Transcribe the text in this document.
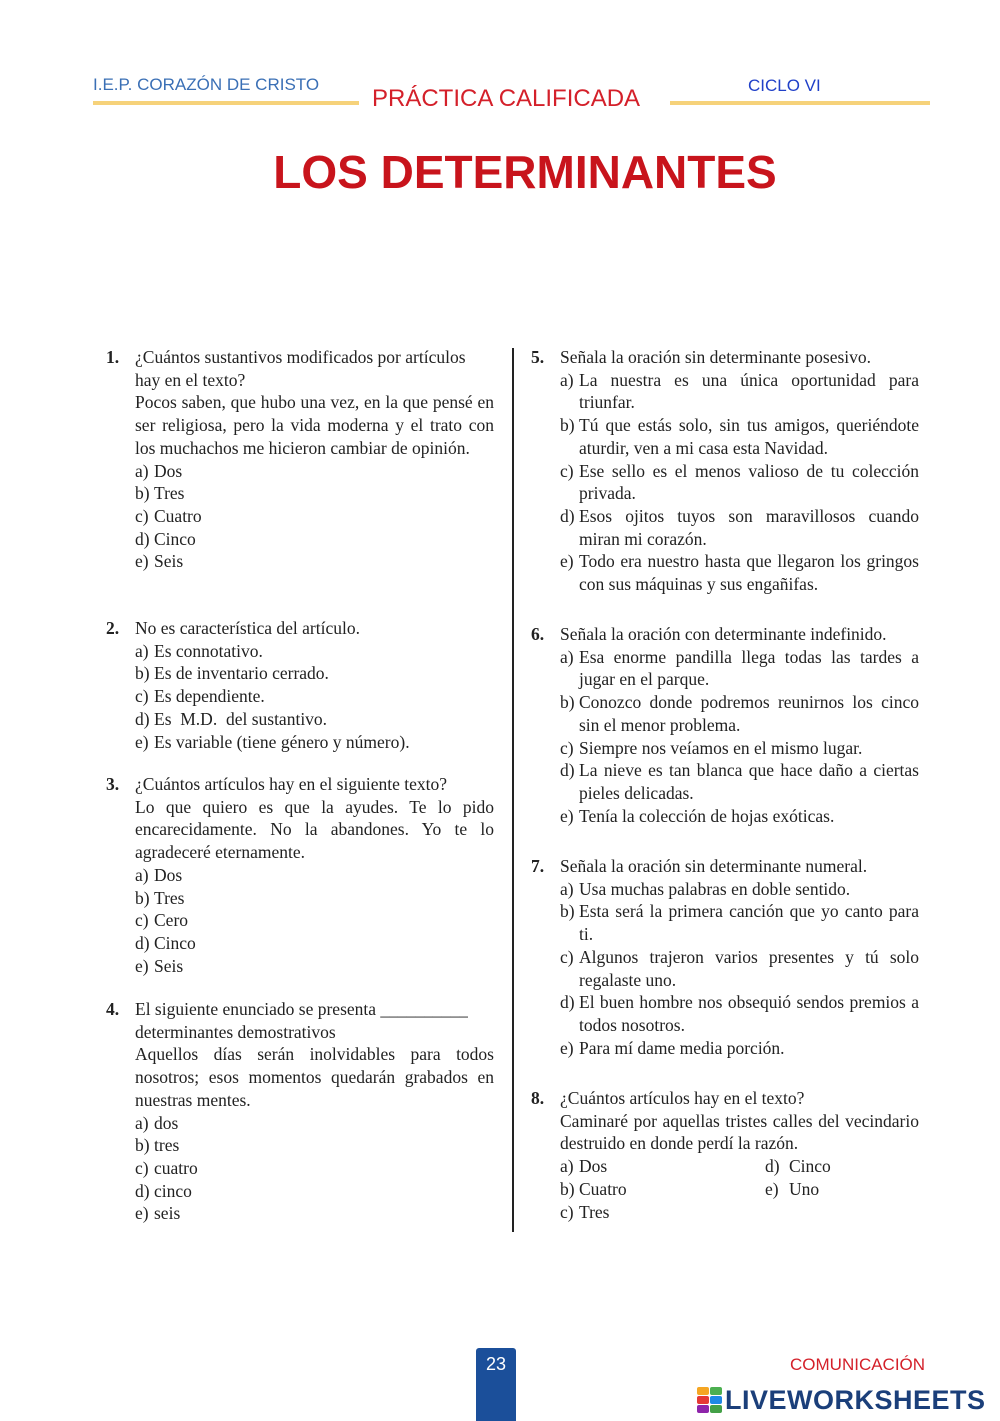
I.E.P. CORAZÓN DE CRISTO
PRÁCTICA CALIFICADA	CICLO VI
LOS DETERMINANTES
1. ¿Cuántos sustantivos modificados por artículos hay en el texto?
Pocos saben, que hubo una vez, en la que pensé en ser religiosa, pero la vida moderna y el trato con los muchachos me hicieron cambiar de opinión.
a) Dos
b) Tres
c) Cuatro
d) Cinco
e) Seis
2. No es característica del artículo.
a) Es connotativo.
b) Es de inventario cerrado.
c) Es dependiente.
d) Es  M.D.  del sustantivo.
e) Es variable (tiene género y número).
3. ¿Cuántos artículos hay en el siguiente texto?
Lo que quiero es que la ayudes. Te lo pido encarecidamente. No la abandones. Yo te lo agradeceré eternamente.
a) Dos
b) Tres
c) Cero
d) Cinco
e) Seis
4. El siguiente enunciado se presenta __________ determinantes demostrativos
Aquellos días serán inolvidables para todos nosotros; esos momentos quedarán grabados en nuestras mentes.
a) dos
b) tres
c) cuatro
d) cinco
e) seis
5. Señala la oración sin determinante posesivo.
a) La nuestra es una única oportunidad para triunfar.
b) Tú que estás solo, sin tus amigos, queriéndote aturdir, ven a mi casa esta Navidad.
c) Ese sello es el menos valioso de tu colección privada.
d) Esos ojitos tuyos son maravillosos cuando miran mi corazón.
e) Todo era nuestro hasta que llegaron los gringos con sus máquinas y sus engañifas.
6. Señala la oración con determinante indefinido.
a) Esa enorme pandilla llega todas las tardes a jugar en el parque.
b) Conozco donde podremos reunirnos los cinco sin el menor problema.
c) Siempre nos veíamos en el mismo lugar.
d) La nieve es tan blanca que hace daño a ciertas pieles delicadas.
e) Tenía la colección de hojas exóticas.
7. Señala la oración sin determinante numeral.
a) Usa muchas palabras en doble sentido.
b) Esta será la primera canción que yo canto para ti.
c) Algunos trajeron varios presentes y tú solo regalaste uno.
d) El buen hombre nos obsequió sendos premios a todos nosotros.
e) Para mí dame media porción.
8. ¿Cuántos artículos hay en el texto?
Caminaré por aquellas tristes calles del vecindario destruido en donde perdí la razón.
a) Dos	d) Cinco
b) Cuatro	e) Uno
c) Tres
23	COMUNICACIÓN
LIVEWORKSHEETS
